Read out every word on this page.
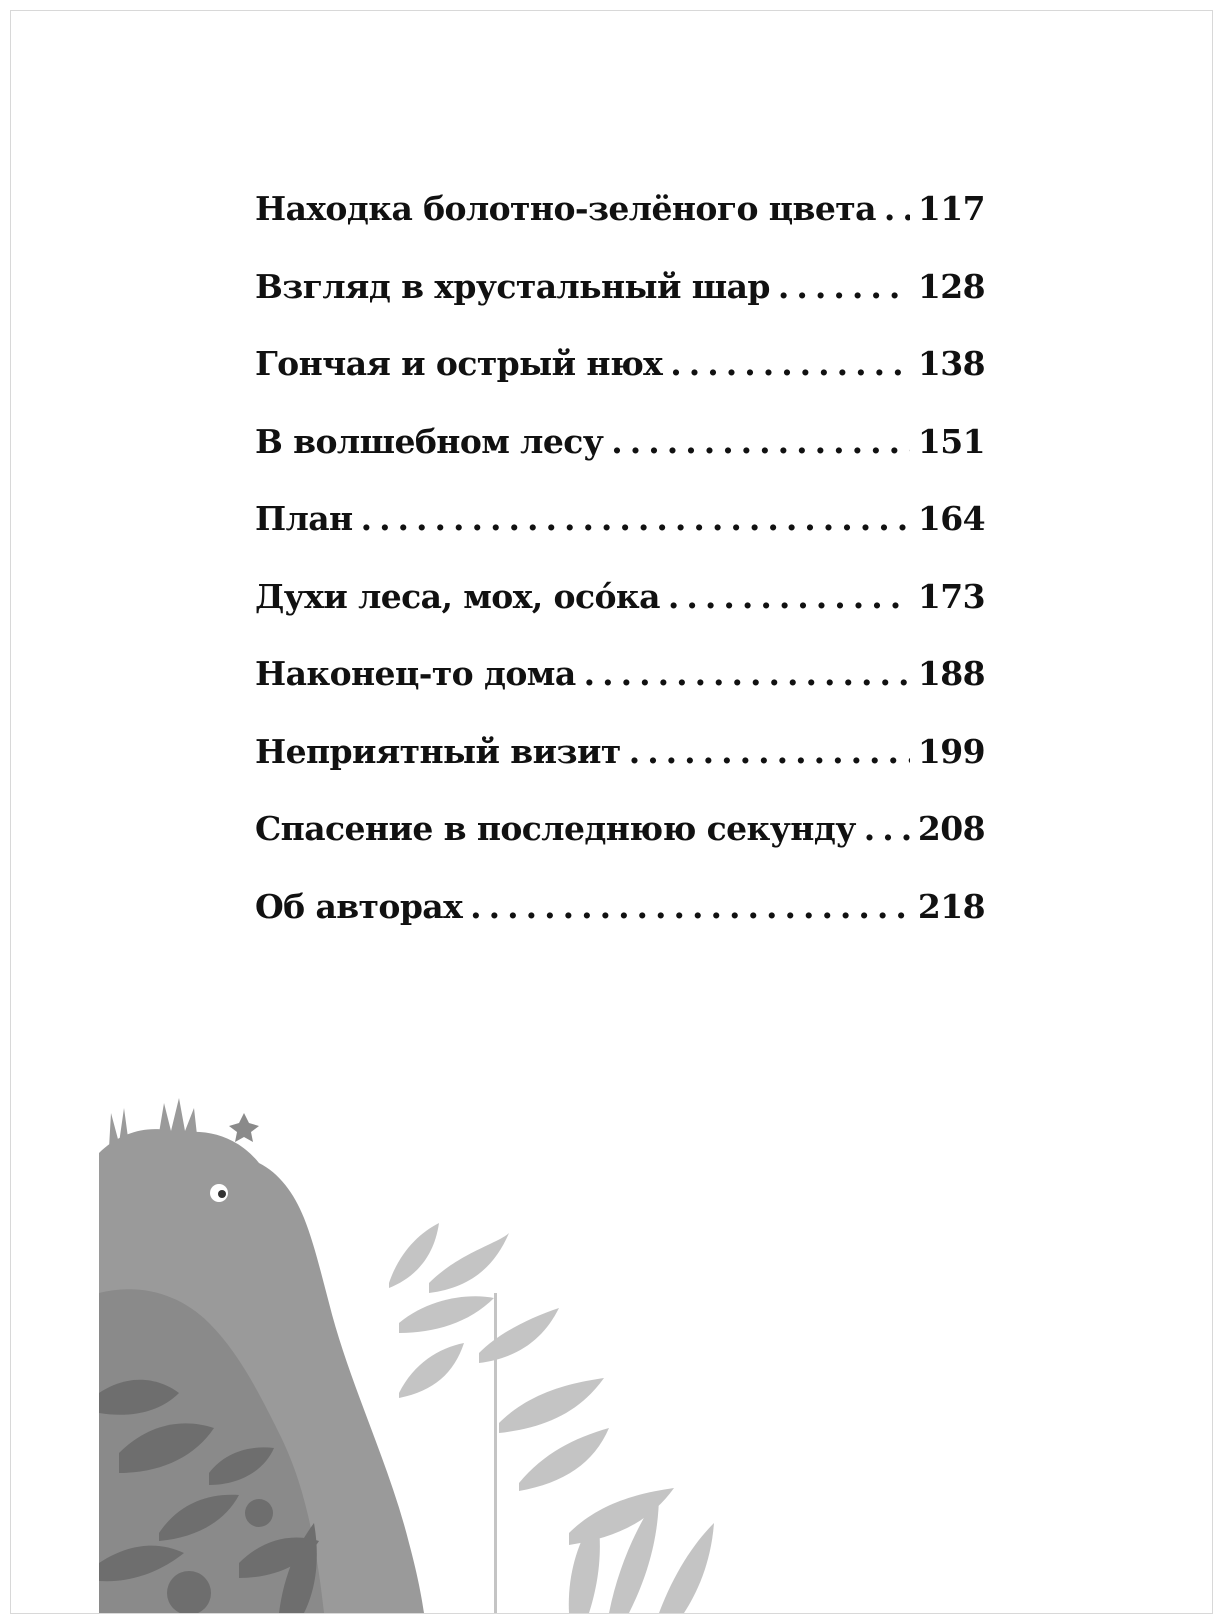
Находка болотно-зелёного цвета ..... 117
Взгляд в хрустальный шар .....	128
Гончая и острый нюх .....	138
В волшебном лесу .....	151
План .....	164
Духи леса, мох, осóка .....	173
Наконец-то дома .....	188
Неприятный визит .....	199
Спасение в последнюю секунду ..... 208
Об авторах .....	218
